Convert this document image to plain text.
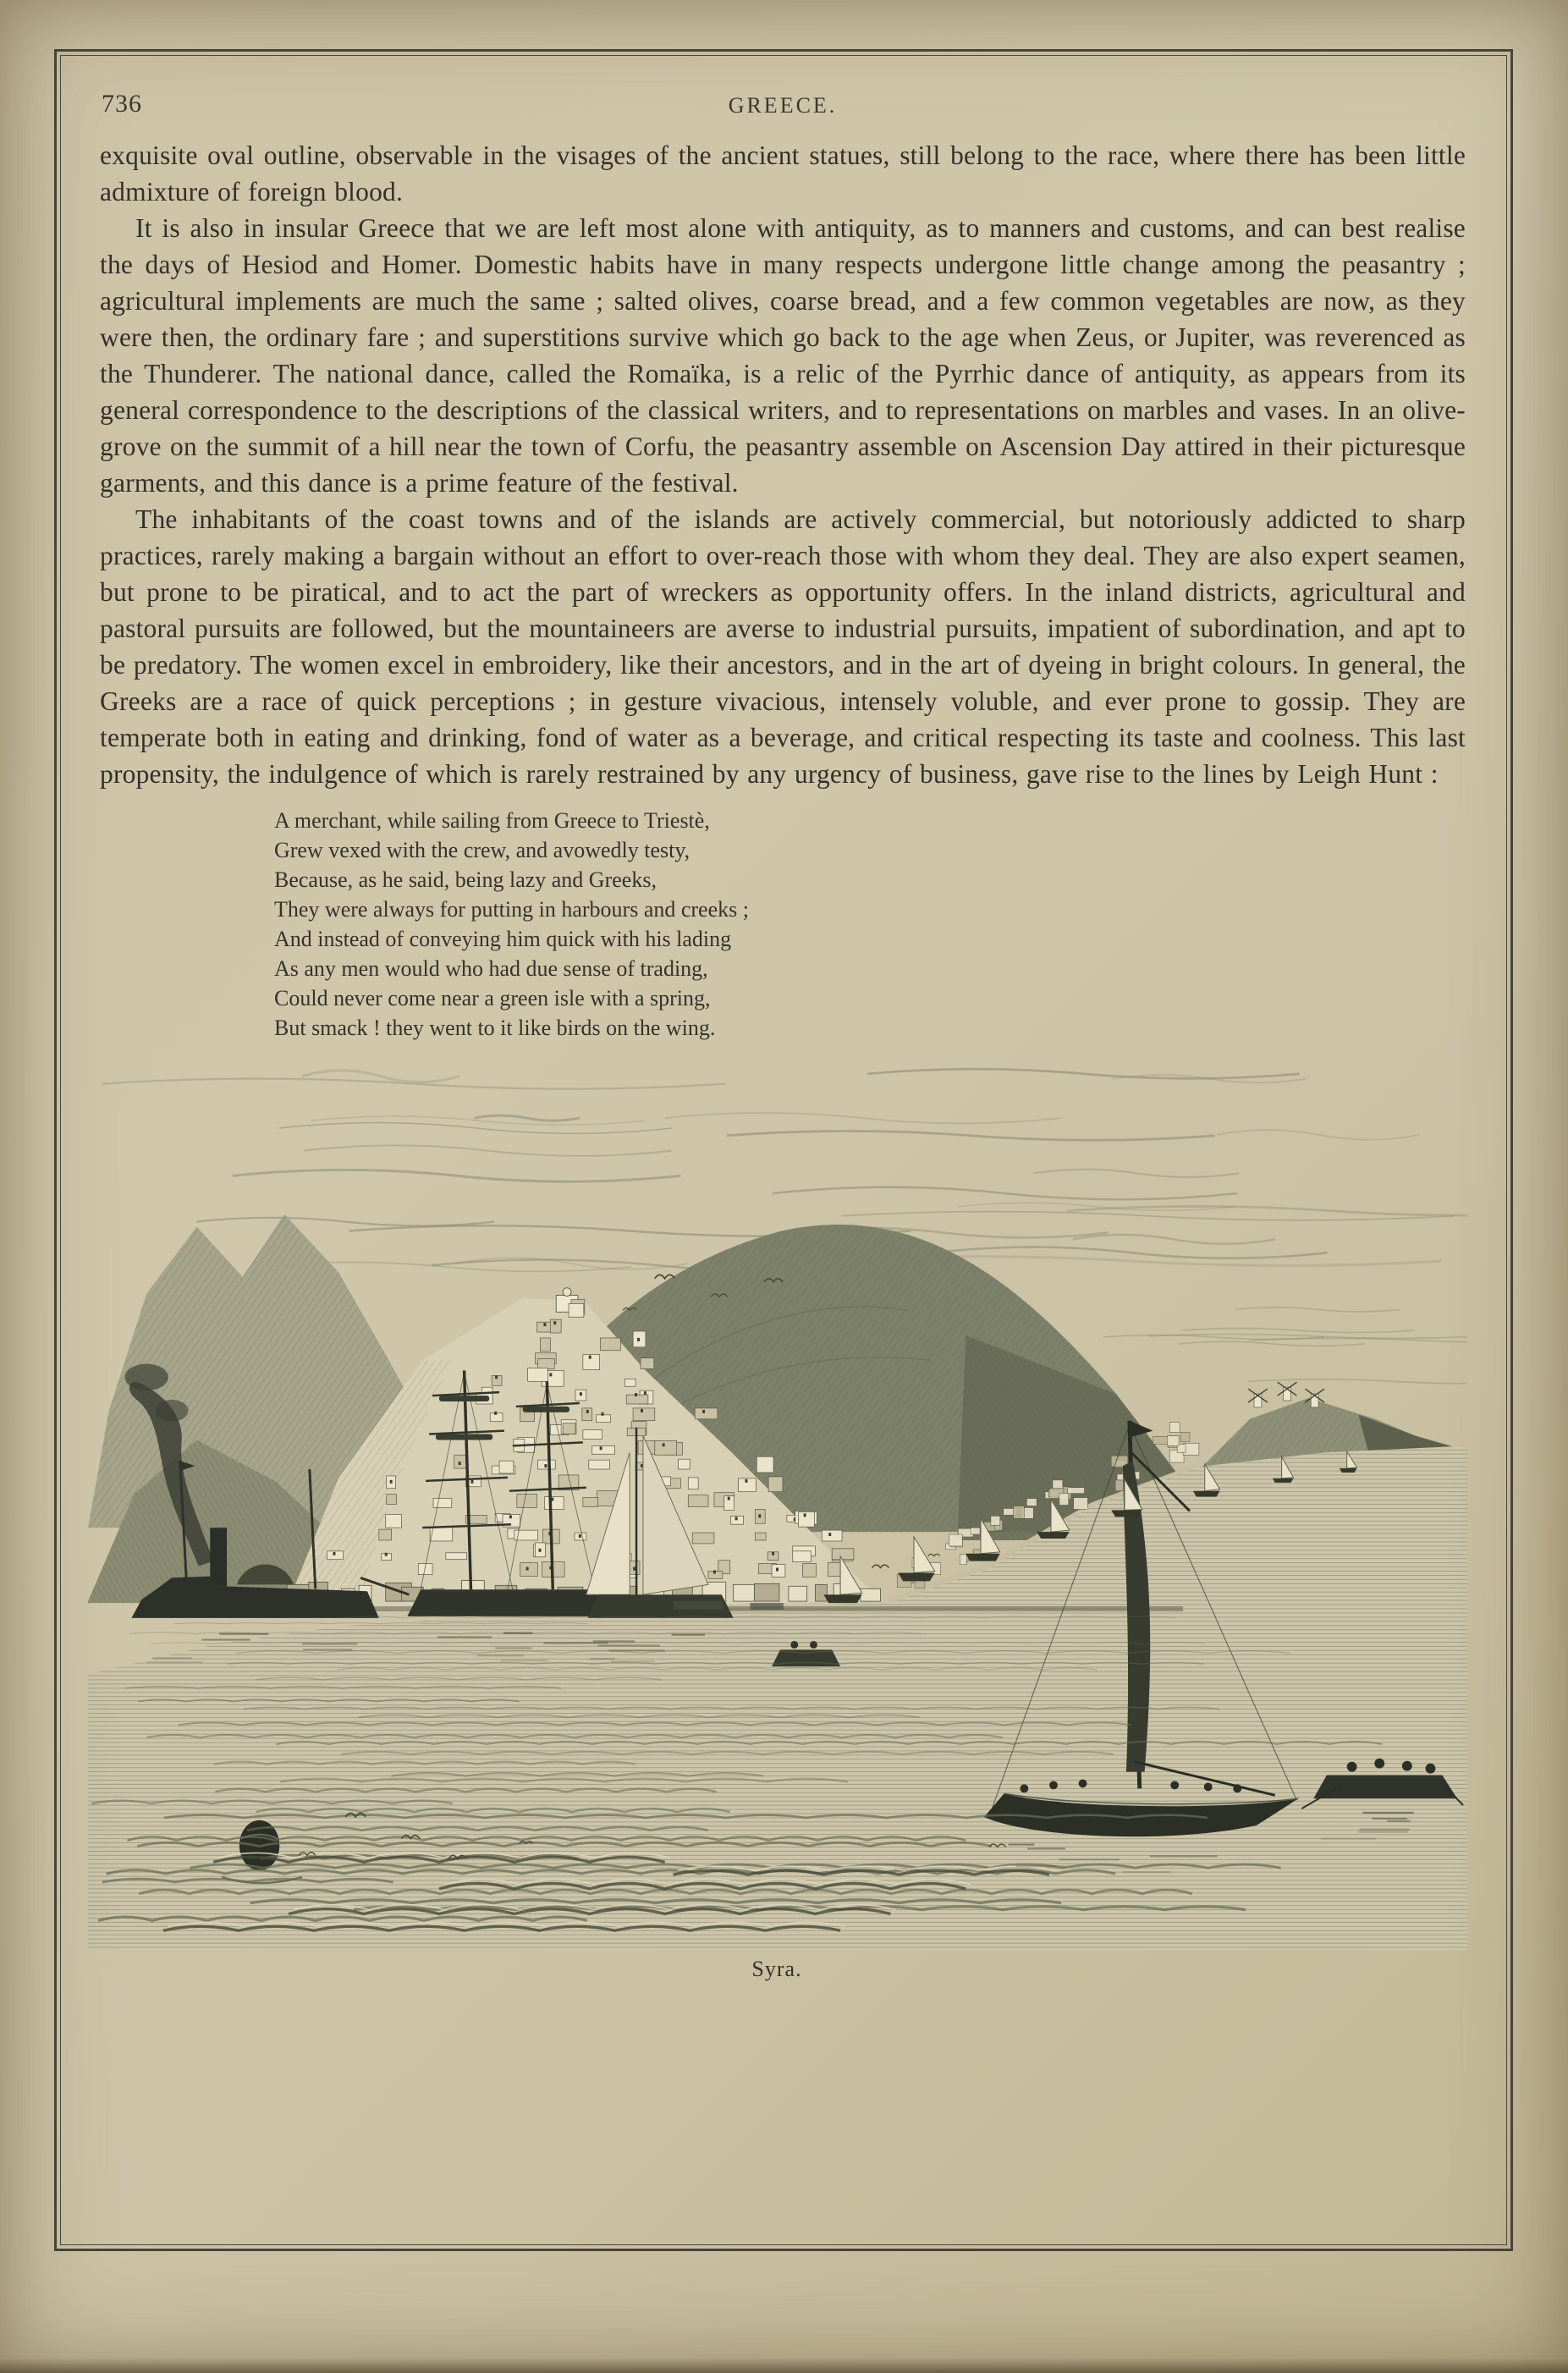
736	GREECE.

exquisite oval outline, observable in the visages of the ancient statues, still belong to the race, where there has been little admixture of foreign blood.

It is also in insular Greece that we are left most alone with antiquity, as to manners and customs, and can best realise the days of Hesiod and Homer. Domestic habits have in many respects undergone little change among the peasantry ; agricultural implements are much the same ; salted olives, coarse bread, and a few common vegetables are now, as they were then, the ordinary fare ; and superstitions survive which go back to the age when Zeus, or Jupiter, was reverenced as the Thunderer. The national dance, called the Romaïka, is a relic of the Pyrrhic dance of antiquity, as appears from its general correspondence to the descriptions of the classical writers, and to representations on marbles and vases. In an olive-grove on the summit of a hill near the town of Corfu, the peasantry assemble on Ascension Day attired in their picturesque garments, and this dance is a prime feature of the festival.

The inhabitants of the coast towns and of the islands are actively commercial, but notoriously addicted to sharp practices, rarely making a bargain without an effort to over-reach those with whom they deal. They are also expert seamen, but prone to be piratical, and to act the part of wreckers as opportunity offers. In the inland districts, agricultural and pastoral pursuits are followed, but the mountaineers are averse to industrial pursuits, impatient of subordination, and apt to be predatory. The women excel in embroidery, like their ancestors, and in the art of dyeing in bright colours. In general, the Greeks are a race of quick perceptions ; in gesture vivacious, intensely voluble, and ever prone to gossip. They are temperate both in eating and drinking, fond of water as a beverage, and critical respecting its taste and coolness. This last propensity, the indulgence of which is rarely restrained by any urgency of business, gave rise to the lines by Leigh Hunt :

A merchant, while sailing from Greece to Triestè,
Grew vexed with the crew, and avowedly testy,
Because, as he said, being lazy and Greeks,
They were always for putting in harbours and creeks ;
And instead of conveying him quick with his lading
As any men would who had due sense of trading,
Could never come near a green isle with a spring,
But smack ! they went to it like birds on the wing.
Syra.
